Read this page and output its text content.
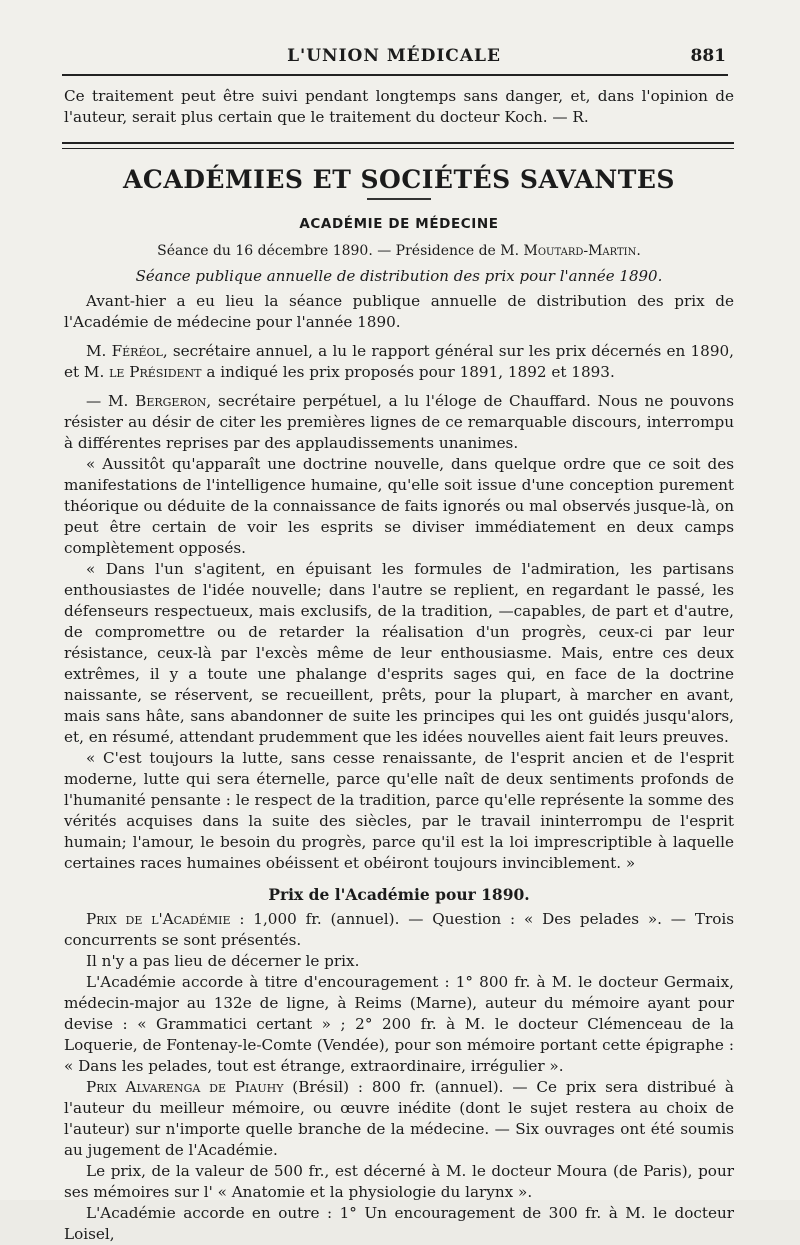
L'UNION MÉDICALE	881

Ce traitement peut être suivi pendant longtemps sans danger, et, dans l'opinion de l'auteur, serait plus certain que le traitement du docteur Koch. — R.

ACADÉMIES ET SOCIÉTÉS SAVANTES
ACADÉMIE DE MÉDECINE
Séance du 16 décembre 1890. — Présidence de M. Moutard-Martin.
Séance publique annuelle de distribution des prix pour l'année 1890.

Avant-hier a eu lieu la séance publique annuelle de distribution des prix de l'Académie de médecine pour l'année 1890.

M. Féréol, secrétaire annuel, a lu le rapport général sur les prix décernés en 1890, et M. le Président a indiqué les prix proposés pour 1891, 1892 et 1893.

— M. Bergeron, secrétaire perpétuel, a lu l'éloge de Chauffard. Nous ne pouvons résister au désir de citer les premières lignes de ce remarquable discours, interrompu à différentes reprises par des applaudissements unanimes.

« Aussitôt qu'apparaît une doctrine nouvelle, dans quelque ordre que ce soit des manifestations de l'intelligence humaine, qu'elle soit issue d'une conception purement théorique ou déduite de la connaissance de faits ignorés ou mal observés jusque-là, on peut être certain de voir les esprits se diviser immédiatement en deux camps complètement opposés.

« Dans l'un s'agitent, en épuisant les formules de l'admiration, les partisans enthousiastes de l'idée nouvelle; dans l'autre se replient, en regardant le passé, les défenseurs respectueux, mais exclusifs, de la tradition, —capables, de part et d'autre, de compromettre ou de retarder la réalisation d'un progrès, ceux-ci par leur résistance, ceux-là par l'excès même de leur enthousiasme. Mais, entre ces deux extrêmes, il y a toute une phalange d'esprits sages qui, en face de la doctrine naissante, se réservent, se recueillent, prêts, pour la plupart, à marcher en avant, mais sans hâte, sans abandonner de suite les principes qui les ont guidés jusqu'alors, et, en résumé, attendant prudemment que les idées nouvelles aient fait leurs preuves.

« C'est toujours la lutte, sans cesse renaissante, de l'esprit ancien et de l'esprit moderne, lutte qui sera éternelle, parce qu'elle naît de deux sentiments profonds de l'humanité pensante : le respect de la tradition, parce qu'elle représente la somme des vérités acquises dans la suite des siècles, par le travail ininterrompu de l'esprit humain; l'amour, le besoin du progrès, parce qu'il est la loi imprescriptible à laquelle certaines races humaines obéissent et obéiront toujours invinciblement. »

Prix de l'Académie pour 1890.

Prix de l'Académie : 1,000 fr. (annuel). — Question : « Des pelades ». — Trois concurrents se sont présentés.

Il n'y a pas lieu de décerner le prix.

L'Académie accorde à titre d'encouragement : 1° 800 fr. à M. le docteur Germaix, médecin-major au 132e de ligne, à Reims (Marne), auteur du mémoire ayant pour devise : « Grammatici certant » ; 2° 200 fr. à M. le docteur Clémenceau de la Loquerie, de Fontenay-le-Comte (Vendée), pour son mémoire portant cette épigraphe : « Dans les pelades, tout est étrange, extraordinaire, irrégulier ».

Prix Alvarenga de Piauhy (Brésil) : 800 fr. (annuel). — Ce prix sera distribué à l'auteur du meilleur mémoire, ou œuvre inédite (dont le sujet restera au choix de l'auteur) sur n'importe quelle branche de la médecine. — Six ouvrages ont été soumis au jugement de l'Académie.

Le prix, de la valeur de 500 fr., est décerné à M. le docteur Moura (de Paris), pour ses mémoires sur l' « Anatomie et la physiologie du larynx ».

L'Académie accorde en outre : 1° Un encouragement de 300 fr. à M. le docteur Loisel,
